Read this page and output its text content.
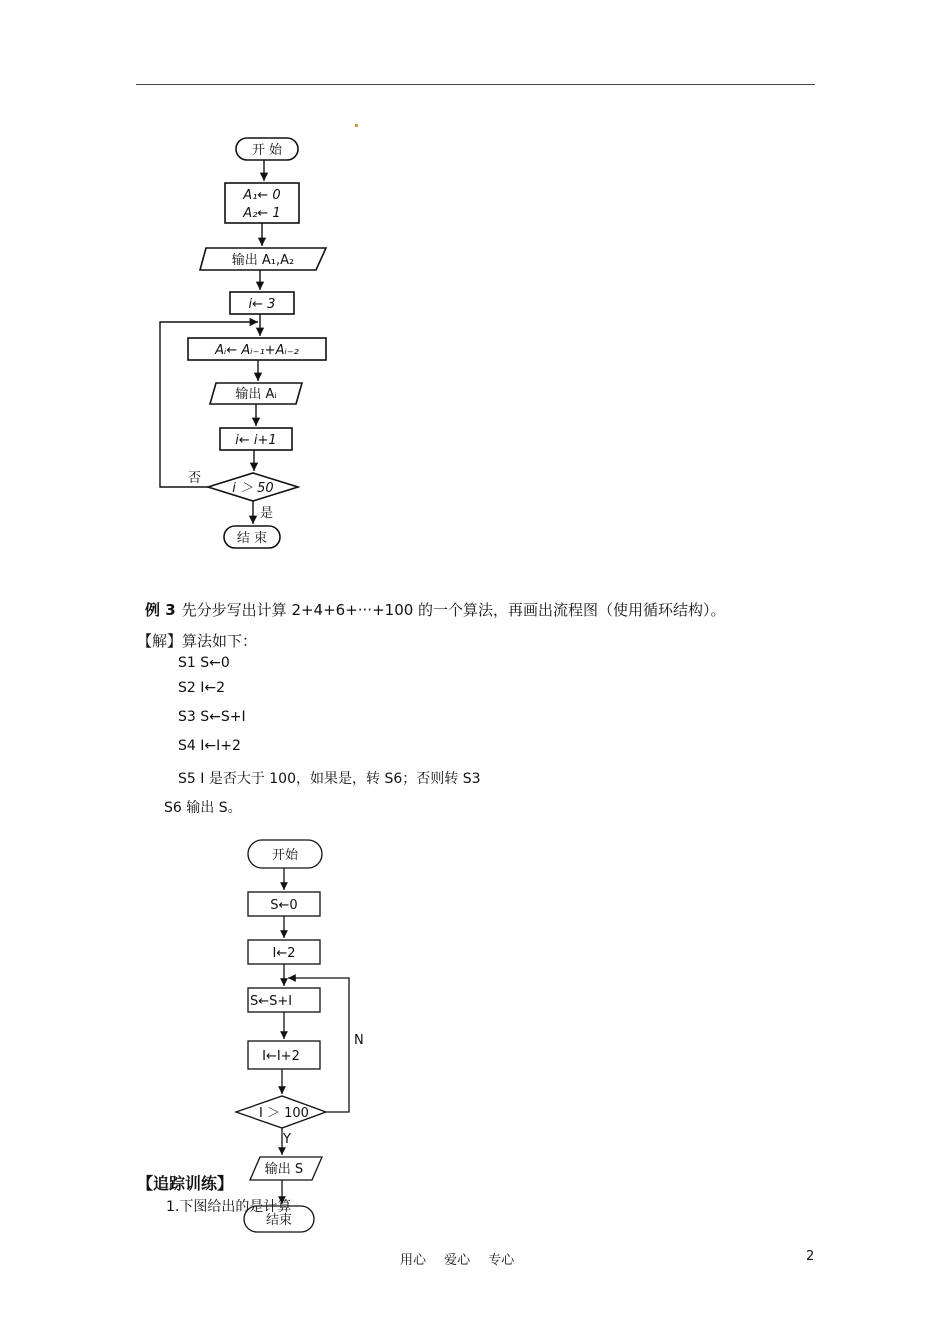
开 始
A₁← 0
A₂← 1
输出 A₁,A₂
i← 3
Aᵢ← Aᵢ₋₁+Aᵢ₋₂
输出 Aᵢ
i← i+1
i ＞ 50
否
是
结 束
例 3 先分步写出计算 2+4+6+···+100 的一个算法，再画出流程图（使用循环结构）。
【解】算法如下：
S1 S←0
S2 I←2
S3 S←S+I
S4 I←I+2
S5 I 是否大于 100，如果是，转 S6；否则转 S3
S6 输出 S。
开始
S←0
I←2
S←S+I
I←I+2
I ＞ 100
N
Y
输出 S
结束
【追踪训练】
1.下图给出的是计算
用心 爱心 专心	2
